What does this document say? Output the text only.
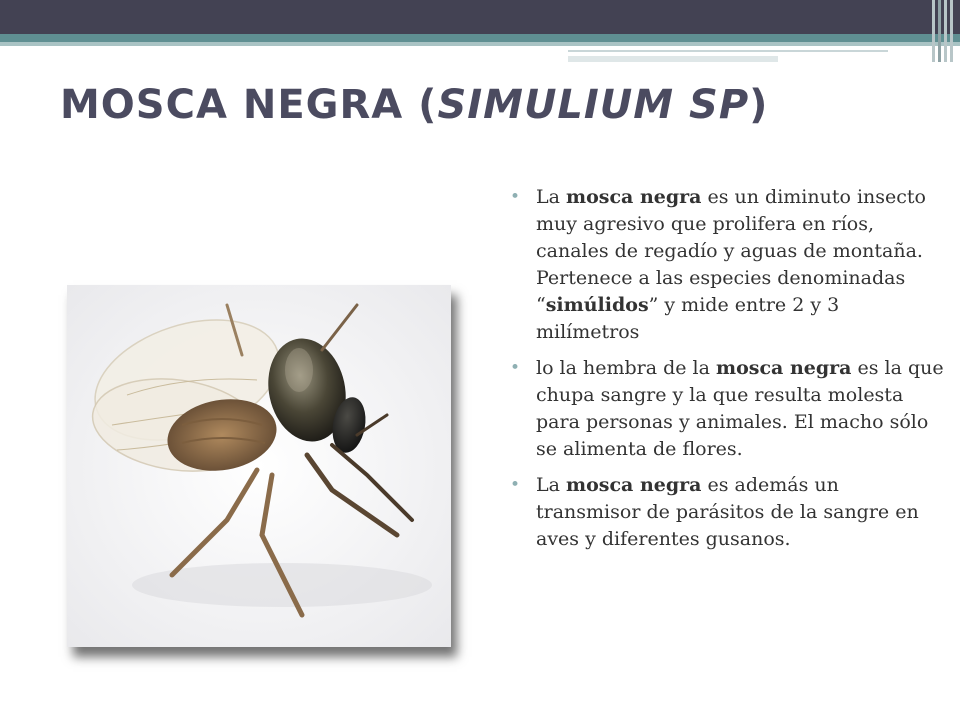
MOSCA NEGRA (SIMULIUM SP)
• La mosca negra es un diminuto insecto muy agresivo que prolifera en ríos, canales de regadío y aguas de montaña. Pertenece a las especies denominadas “simúlidos” y mide entre 2 y 3 milímetros
• lo la hembra de la mosca negra es la que chupa sangre y la que resulta molesta para personas y animales. El macho sólo se alimenta de flores.
• La mosca negra es además un transmisor de parásitos de la sangre en aves y diferentes gusanos.
